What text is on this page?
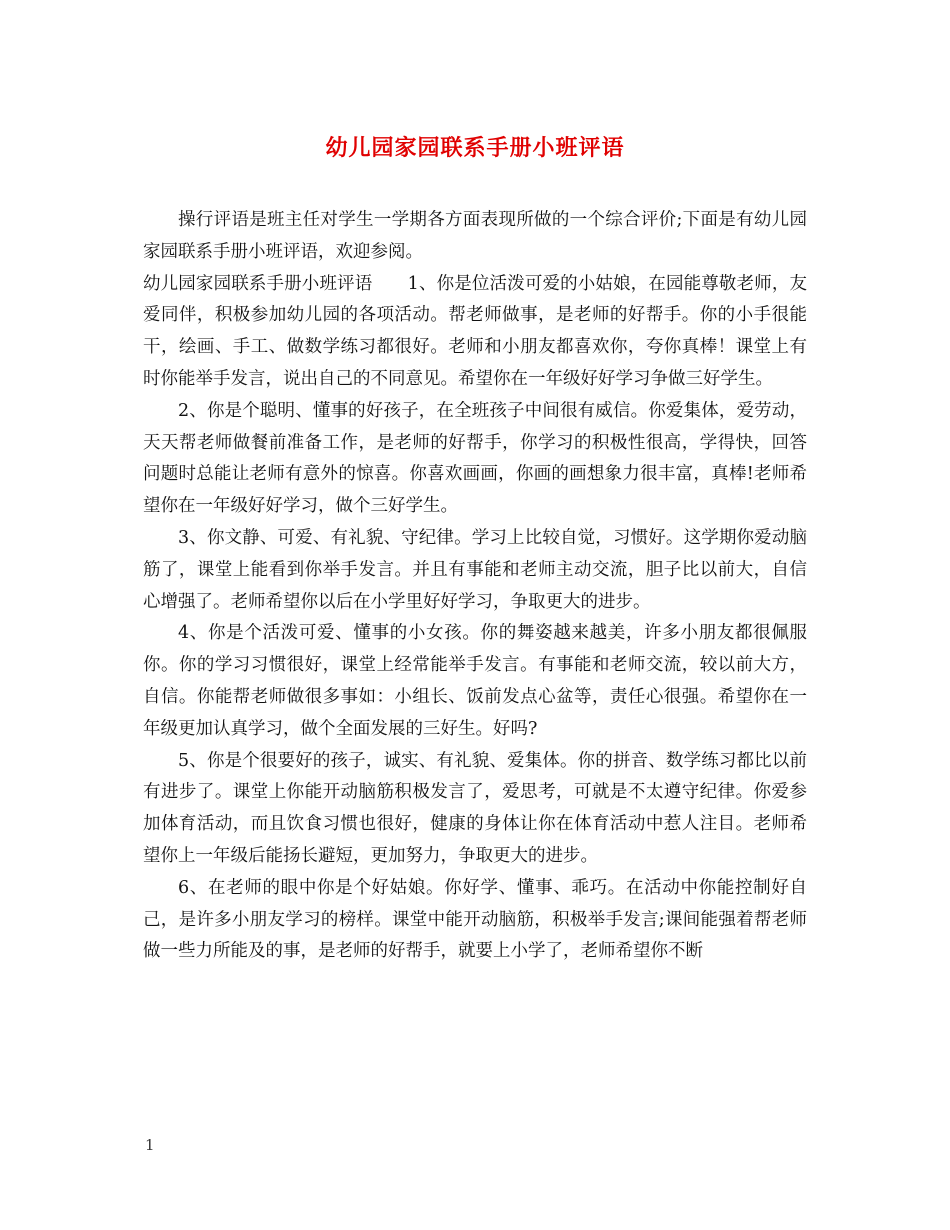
幼儿园家园联系手册小班评语

操行评语是班主任对学生一学期各方面表现所做的一个综合评价;下面是有幼儿园家园联系手册小班评语，欢迎参阅。

幼儿园家园联系手册小班评语　　1、你是位活泼可爱的小姑娘，在园能尊敬老师，友爱同伴，积极参加幼儿园的各项活动。帮老师做事，是老师的好帮手。你的小手很能干，绘画、手工、做数学练习都很好。老师和小朋友都喜欢你，夸你真棒！课堂上有时你能举手发言，说出自己的不同意见。希望你在一年级好好学习争做三好学生。

2、你是个聪明、懂事的好孩子，在全班孩子中间很有威信。你爱集体，爱劳动，天天帮老师做餐前准备工作，是老师的好帮手，你学习的积极性很高，学得快，回答问题时总能让老师有意外的惊喜。你喜欢画画，你画的画想象力很丰富，真棒!老师希望你在一年级好好学习，做个三好学生。

3、你文静、可爱、有礼貌、守纪律。学习上比较自觉，习惯好。这学期你爱动脑筋了，课堂上能看到你举手发言。并且有事能和老师主动交流，胆子比以前大，自信心增强了。老师希望你以后在小学里好好学习，争取更大的进步。

4、你是个活泼可爱、懂事的小女孩。你的舞姿越来越美，许多小朋友都很佩服你。你的学习习惯很好，课堂上经常能举手发言。有事能和老师交流，较以前大方，自信。你能帮老师做很多事如：小组长、饭前发点心盆等，责任心很强。希望你在一年级更加认真学习，做个全面发展的三好生。好吗?

5、你是个很要好的孩子，诚实、有礼貌、爱集体。你的拼音、数学练习都比以前有进步了。课堂上你能开动脑筋积极发言了，爱思考，可就是不太遵守纪律。你爱参加体育活动，而且饮食习惯也很好，健康的身体让你在体育活动中惹人注目。老师希望你上一年级后能扬长避短，更加努力，争取更大的进步。

6、在老师的眼中你是个好姑娘。你好学、懂事、乖巧。在活动中你能控制好自己，是许多小朋友学习的榜样。课堂中能开动脑筋，积极举手发言;课间能强着帮老师做一些力所能及的事，是老师的好帮手，就要上小学了，老师希望你不断

1
